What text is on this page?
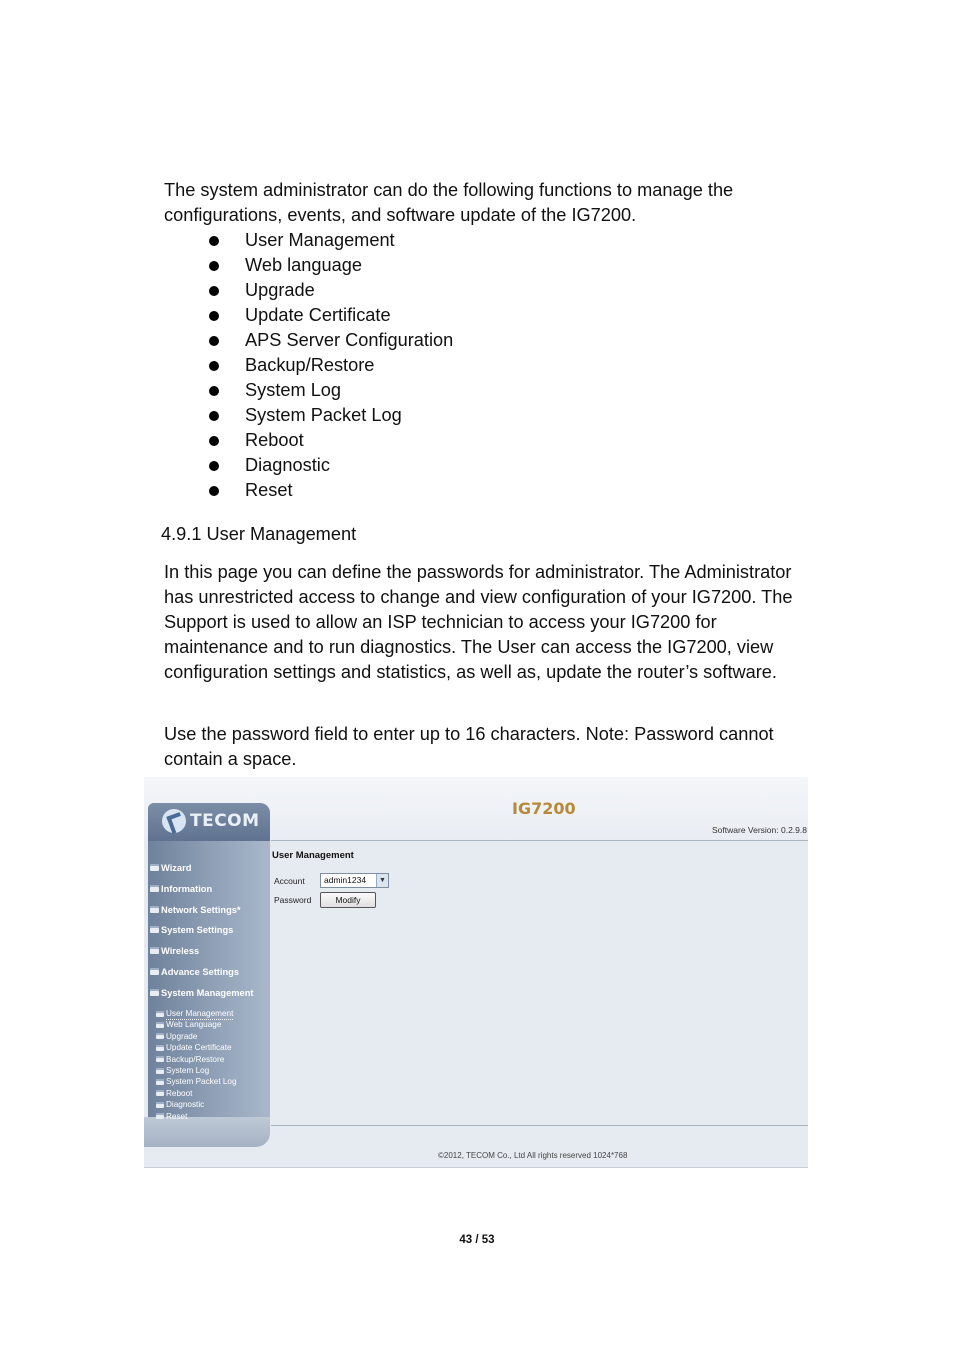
The system administrator can do the following functions to manage the configurations, events, and software update of the IG7200.

User Management
Web language
Upgrade
Update Certificate
APS Server Configuration
Backup/Restore
System Log
System Packet Log
Reboot
Diagnostic
Reset
4.9.1 User Management

In this page you can define the passwords for administrator. The Administrator has unrestricted access to change and view configuration of your IG7200. The Support is used to allow an ISP technician to access your IG7200 for maintenance and to run diagnostics. The User can access the IG7200, view configuration settings and statistics, as well as, update the router’s software.

Use the password field to enter up to 16 characters. Note: Password cannot contain a space.

TECOM
Wizard
Information
Network Settings*
System Settings
Wireless
Advance Settings
System Management
User Management
Web Language
Upgrade
Update Certificate
Backup/Restore
System Log
System Packet Log
Reboot
Diagnostic
Reset
IG7200
Software Version: 0.2.9.8
User Management
Account	admin1234	▼
Password	Modify
©2012, TECOM Co., Ltd All rights reserved 1024*768
43 / 53
